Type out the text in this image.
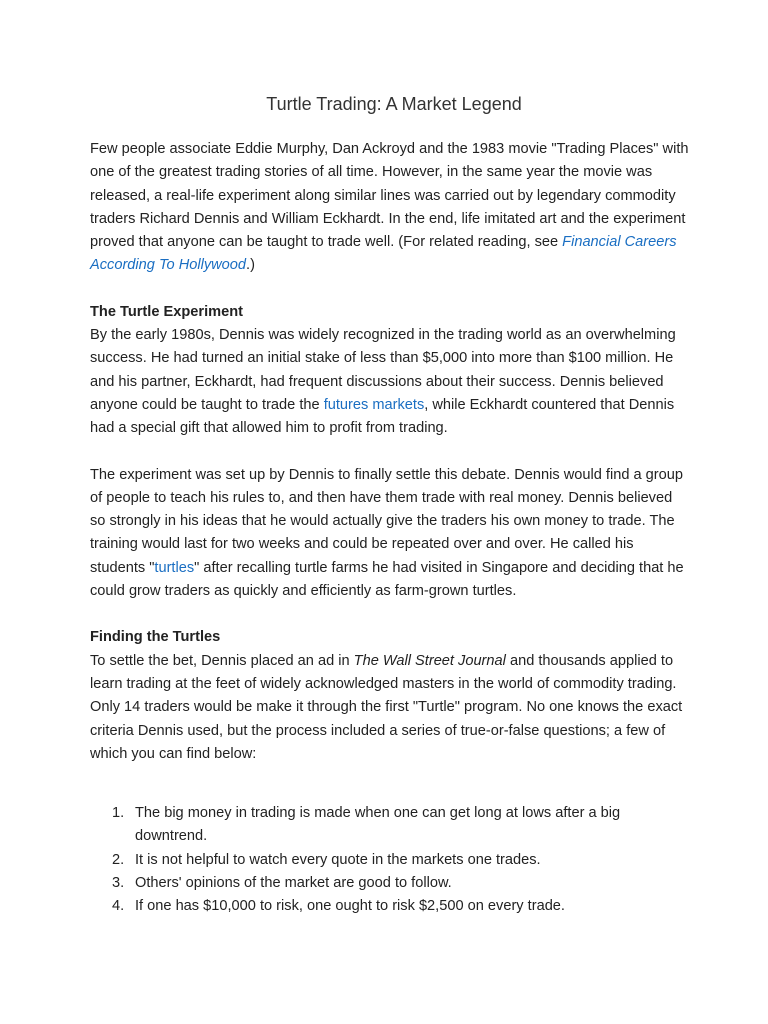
Turtle Trading: A Market Legend

Few people associate Eddie Murphy, Dan Ackroyd and the 1983 movie "Trading Places" with one of the greatest trading stories of all time. However, in the same year the movie was released, a real-life experiment along similar lines was carried out by legendary commodity traders Richard Dennis and William Eckhardt. In the end, life imitated art and the experiment proved that anyone can be taught to trade well. (For related reading, see Financial Careers According To Hollywood.)

The Turtle Experiment

By the early 1980s, Dennis was widely recognized in the trading world as an overwhelming success. He had turned an initial stake of less than $5,000 into more than $100 million. He and his partner, Eckhardt, had frequent discussions about their success. Dennis believed anyone could be taught to trade the futures markets, while Eckhardt countered that Dennis had a special gift that allowed him to profit from trading.

The experiment was set up by Dennis to finally settle this debate. Dennis would find a group of people to teach his rules to, and then have them trade with real money. Dennis believed so strongly in his ideas that he would actually give the traders his own money to trade. The training would last for two weeks and could be repeated over and over. He called his students "turtles" after recalling turtle farms he had visited in Singapore and deciding that he could grow traders as quickly and efficiently as farm-grown turtles.

Finding the Turtles

To settle the bet, Dennis placed an ad in The Wall Street Journal and thousands applied to learn trading at the feet of widely acknowledged masters in the world of commodity trading. Only 14 traders would be make it through the first "Turtle" program. No one knows the exact criteria Dennis used, but the process included a series of true-or-false questions; a few of which you can find below:

1. The big money in trading is made when one can get long at lows after a big downtrend.
2. It is not helpful to watch every quote in the markets one trades.
3. Others' opinions of the market are good to follow.
4. If one has $10,000 to risk, one ought to risk $2,500 on every trade.
